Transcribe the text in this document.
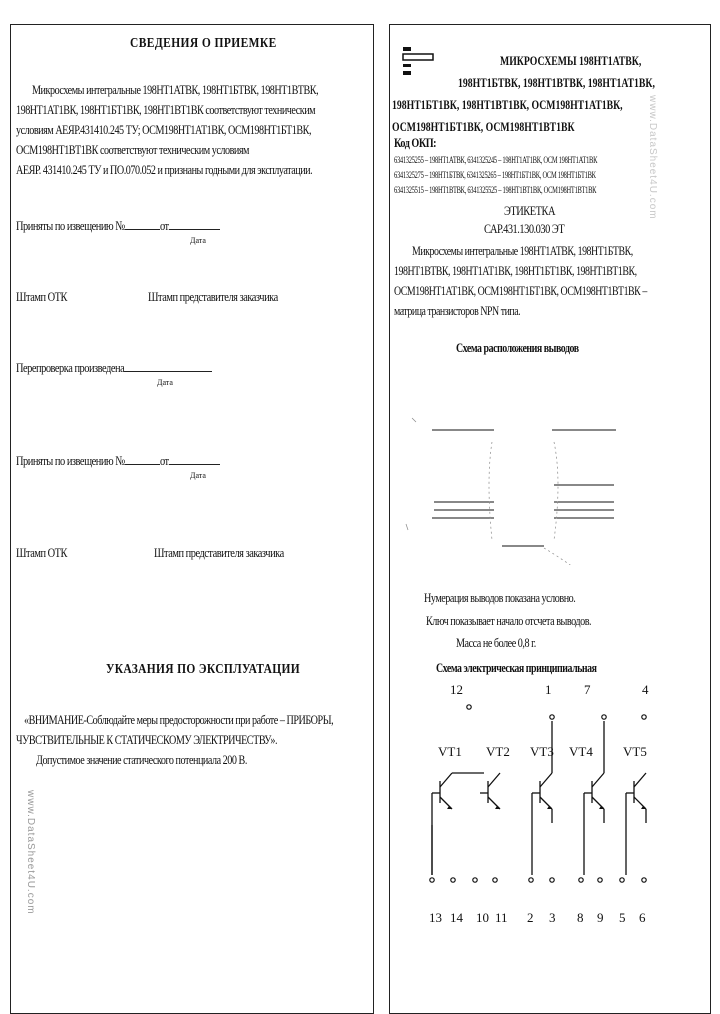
СВЕДЕНИЯ О ПРИЕМКЕ
Микросхемы интегральные 198НТ1АТВК, 198НТ1БТВК, 198НТ1ВТВК,
198НТ1АТ1ВК, 198НТ1БТ1ВК, 198НТ1ВТ1ВК соответствуют техническим
условиям АЕЯР.431410.245 ТУ; ОСМ198НТ1АТ1ВК, ОСМ198НТ1БТ1ВК,
ОСМ198НТ1ВТ1ВК соответствуют техническим условиям
АЕЯР. 431410.245 ТУ и ПО.070.052 и признаны годными для эксплуатации.
Приняты по извещению №	от
Дата
Штамп ОТК	Штамп представителя заказчика
Перепроверка произведена
Дата
Приняты по извещению №	от
Дата
Штамп ОТК	Штамп представителя заказчика
УКАЗАНИЯ ПО ЭКСПЛУАТАЦИИ
«ВНИМАНИЕ-Соблюдайте меры предосторожности при работе – ПРИБОРЫ,
ЧУВСТВИТЕЛЬНЫЕ К СТАТИЧЕСКОМУ ЭЛЕКТРИЧЕСТВУ».
Допустимое значение статического потенциала 200 В.
www.DataSheet4U.com
МИКРОСХЕМЫ 198НТ1АТВК,
198НТ1БТВК, 198НТ1ВТВК, 198НТ1АТ1ВК,
198НТ1БТ1ВК, 198НТ1ВТ1ВК, ОСМ198НТ1АТ1ВК,
ОСМ198НТ1БТ1ВК, ОСМ198НТ1ВТ1ВК
Код ОКП:
6341325255 – 198НТ1АТВК, 6341325245 – 198НТ1АТ1ВК, ОСМ 198НТ1АТ1ВК
6341325275 – 198НТ1БТВК, 6341325265 – 198НТ1БТ1ВК, ОСМ 198НТ1БТ1ВК
6341325515 – 198НТ1ВТВК, 6341325525 – 198НТ1ВТ1ВК, ОСМ198НТ1ВТ1ВК
ЭТИКЕТКА
САР.431.130.030 ЭТ
Микросхемы интегральные 198НТ1АТВК, 198НТ1БТВК,
198НТ1ВТВК, 198НТ1АТ1ВК, 198НТ1БТ1ВК, 198НТ1ВТ1ВК,
ОСМ198НТ1АТ1ВК, ОСМ198НТ1БТ1ВК, ОСМ198НТ1ВТ1ВК –
матрица транзисторов NPN типа.
Схема расположения выводов
Нумерация выводов показана условно.
Ключ показывает начало отсчета выводов.
Масса не более 0,8 г.
Схема электрическая принципиальная
12	1	7	4
VT1 VT2 VT3 VT4 VT5
13 14 10 11 2 3 8 9 5 6
www.DataSheet4U.com
